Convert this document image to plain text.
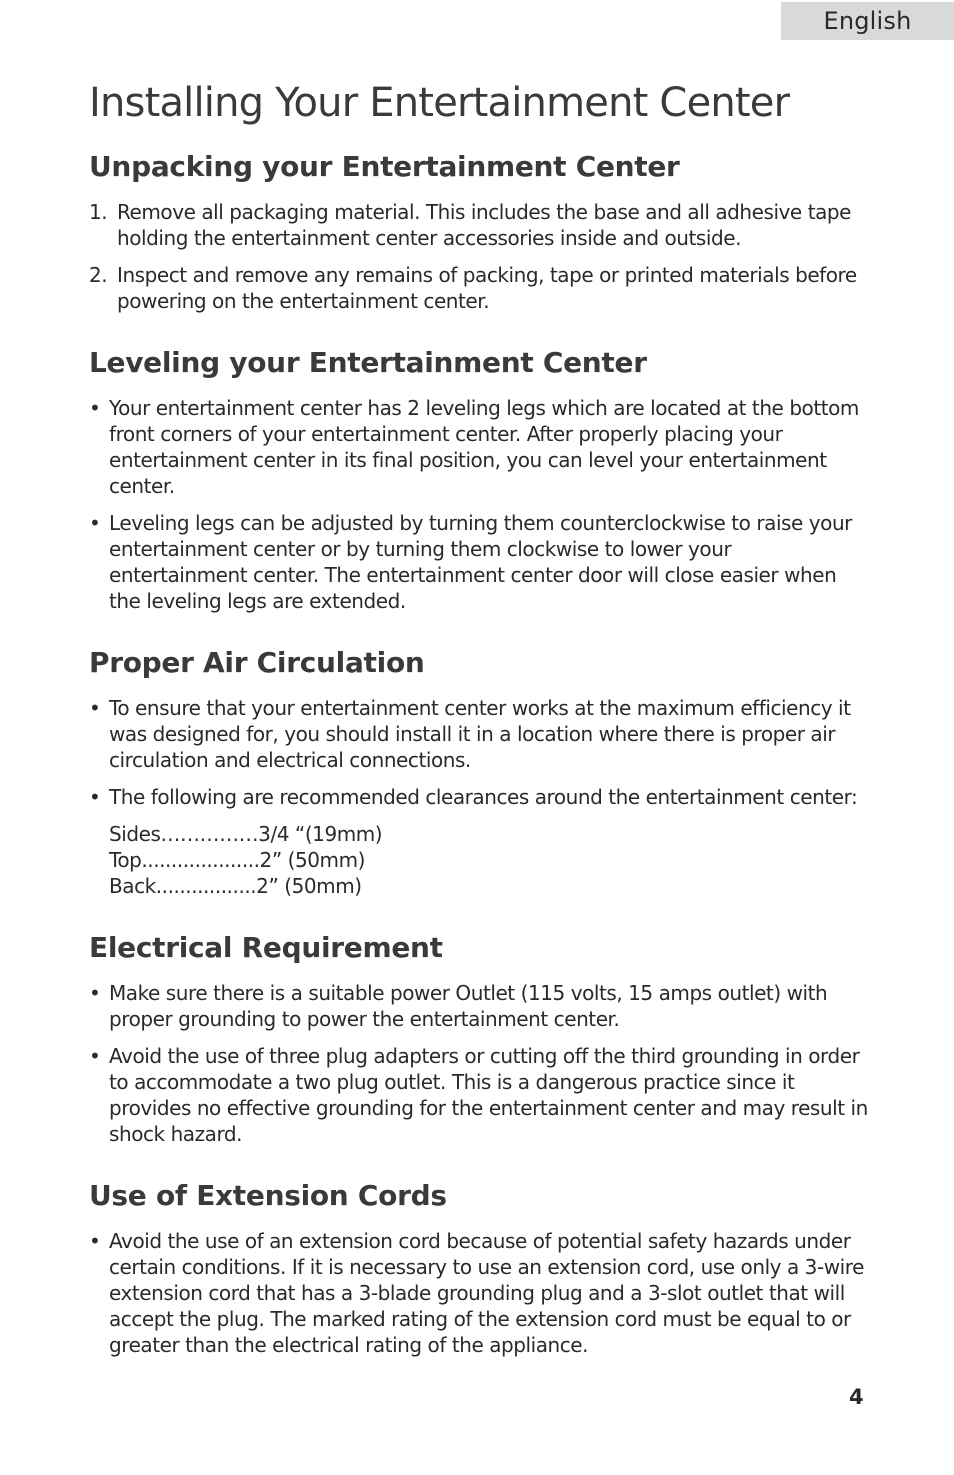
English
Installing Your Entertainment Center
Unpacking your Entertainment Center
1. Remove all packaging material. This includes the base and all adhesive tape holding the entertainment center accessories inside and outside.
2. Inspect and remove any remains of packing, tape or printed materials before powering on the entertainment center.
Leveling your Entertainment Center
• Your entertainment center has 2 leveling legs which are located at the bottom front corners of your entertainment center. After properly placing your entertainment center in its final position, you can level your entertainment center.
• Leveling legs can be adjusted by turning them counterclockwise to raise your entertainment center or by turning them clockwise to lower your entertainment center. The entertainment center door will close easier when the leveling legs are extended.
Proper Air Circulation
• To ensure that your entertainment center works at the maximum efficiency it was designed for, you should install it in a location where there is proper air circulation and electrical connections.
• The following are recommended clearances around the entertainment center:
Sides……………3/4 “(19mm)
Top....................2” (50mm)
Back.................2” (50mm)
Electrical Requirement
• Make sure there is a suitable power Outlet (115 volts, 15 amps outlet) with proper grounding to power the entertainment center.
• Avoid the use of three plug adapters or cutting off the third grounding in order to accommodate a two plug outlet. This is a dangerous practice since it provides no effective grounding for the entertainment center and may result in shock hazard.
Use of Extension Cords
• Avoid the use of an extension cord because of potential safety hazards under certain conditions. If it is necessary to use an extension cord, use only a 3-wire extension cord that has a 3-blade grounding plug and a 3-slot outlet that will accept the plug. The marked rating of the extension cord must be equal to or greater than the electrical rating of the appliance.
4
